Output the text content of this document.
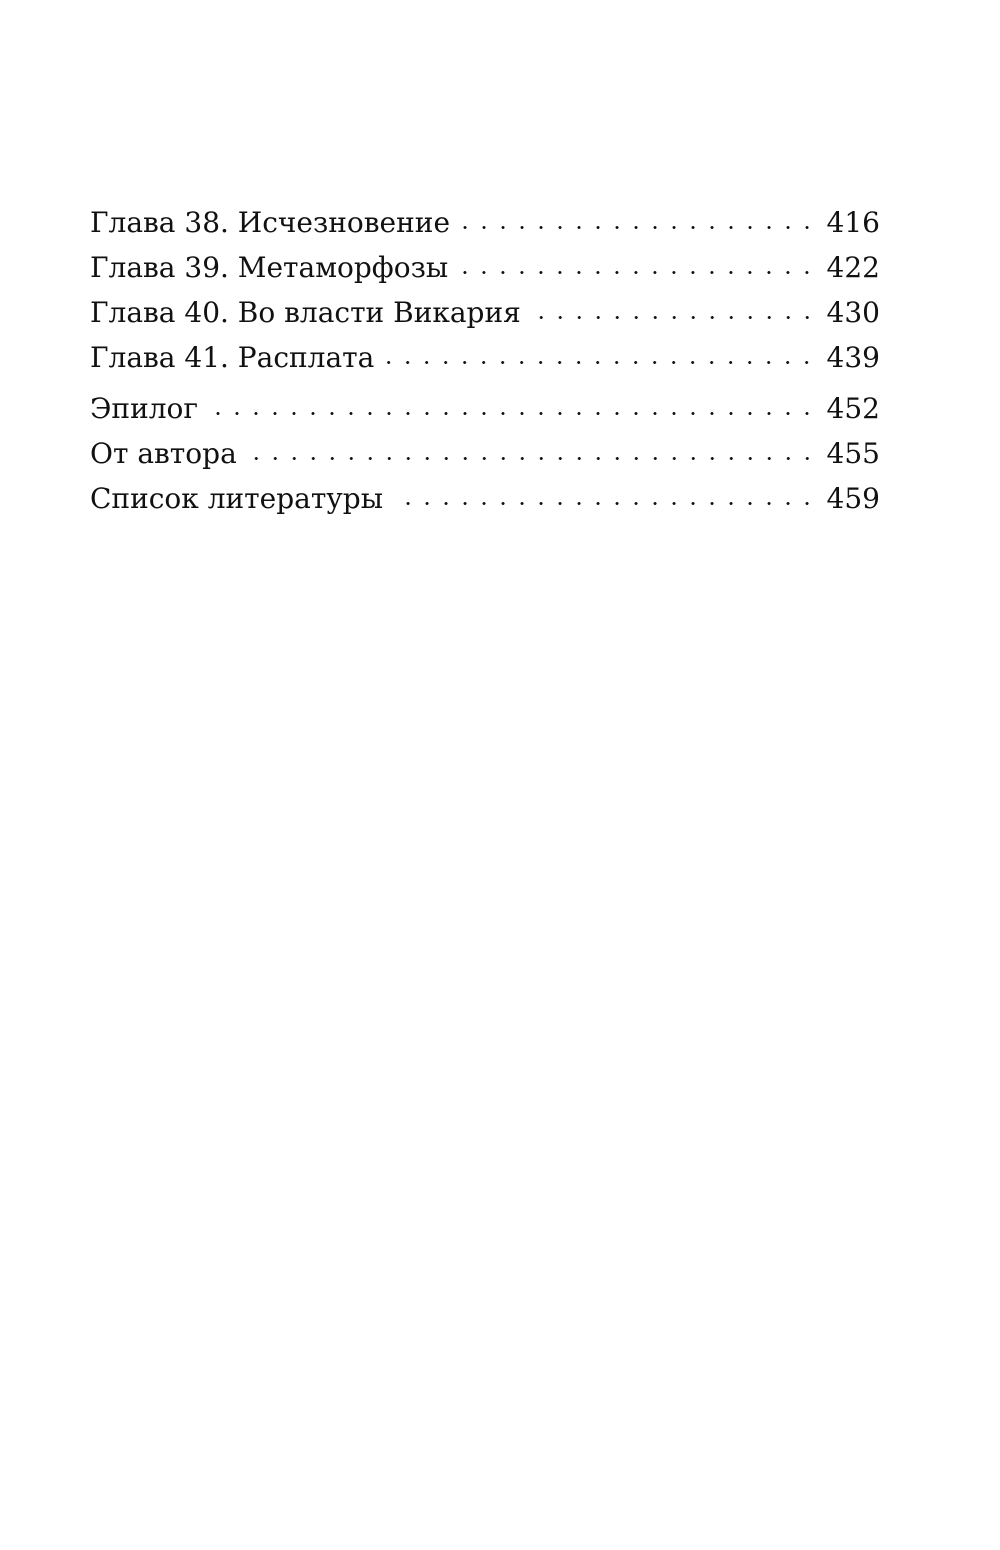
Глава 38. Исчезновение	416
Глава 39. Метаморфозы	422
Глава 40. Во власти Викария	430
Глава 41. Расплата	439
Эпилог	452
От автора	455
Список литературы	459
